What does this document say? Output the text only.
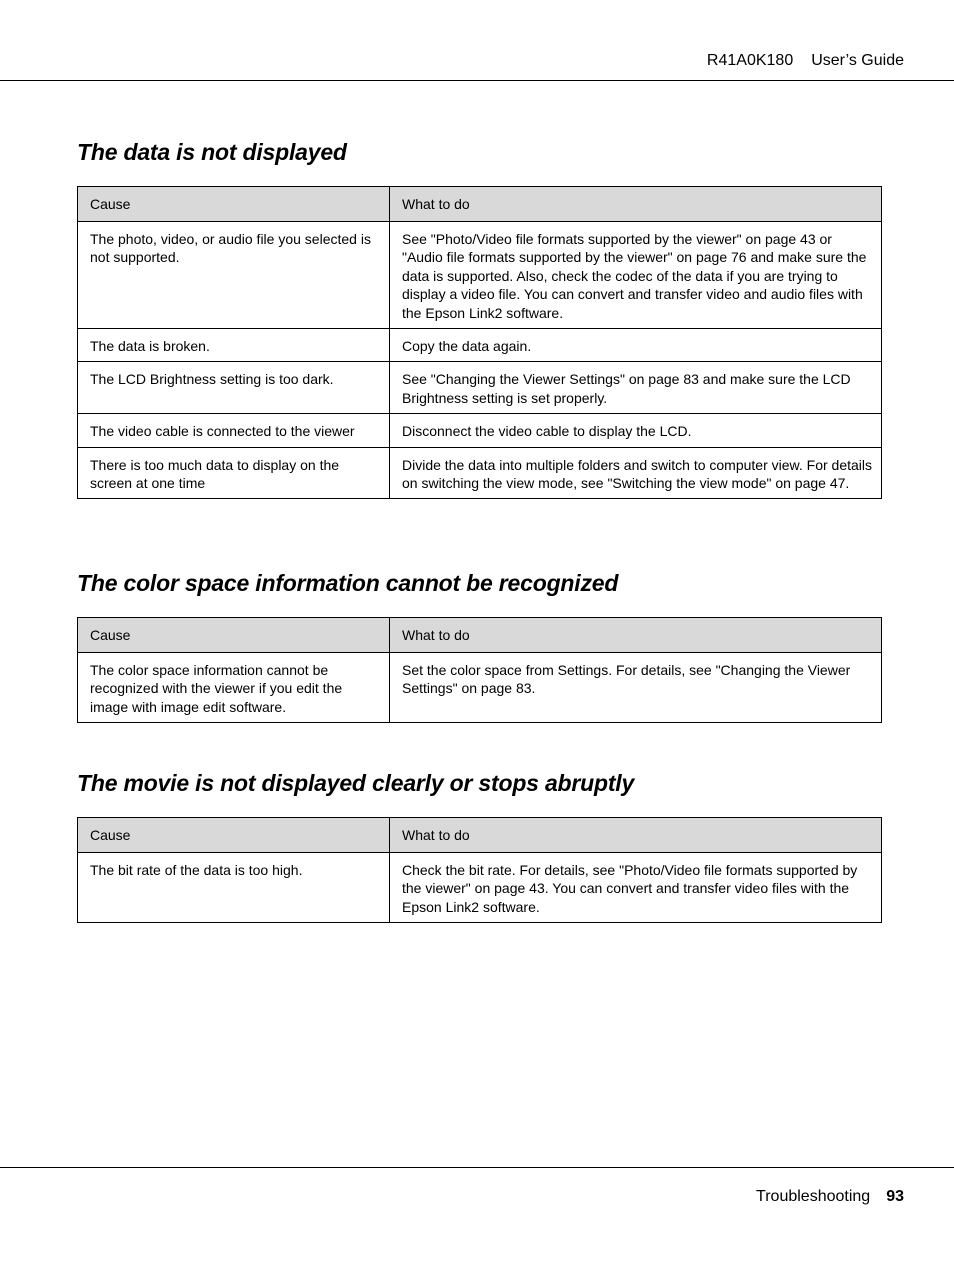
R41A0K180 User’s Guide
The data is not displayed
Cause	What to do
The photo, video, or audio file you selected is not supported.	See "Photo/Video file formats supported by the viewer" on page 43 or "Audio file formats supported by the viewer" on page 76 and make sure the data is supported. Also, check the codec of the data if you are trying to display a video file. You can convert and transfer video and audio files with the Epson Link2 software.
The data is broken.	Copy the data again.
The LCD Brightness setting is too dark.	See "Changing the Viewer Settings" on page 83 and make sure the LCD Brightness setting is set properly.
The video cable is connected to the viewer	Disconnect the video cable to display the LCD.
There is too much data to display on the screen at one time	Divide the data into multiple folders and switch to computer view. For details on switching the view mode, see "Switching the view mode" on page 47.
The color space information cannot be recognized
Cause	What to do
The color space information cannot be recognized with the viewer if you edit the image with image edit software.	Set the color space from Settings. For details, see "Changing the Viewer Settings" on page 83.
The movie is not displayed clearly or stops abruptly
Cause	What to do
The bit rate of the data is too high.	Check the bit rate. For details, see "Photo/Video file formats supported by the viewer" on page 43. You can convert and transfer video files with the Epson Link2 software.
Troubleshooting 93
